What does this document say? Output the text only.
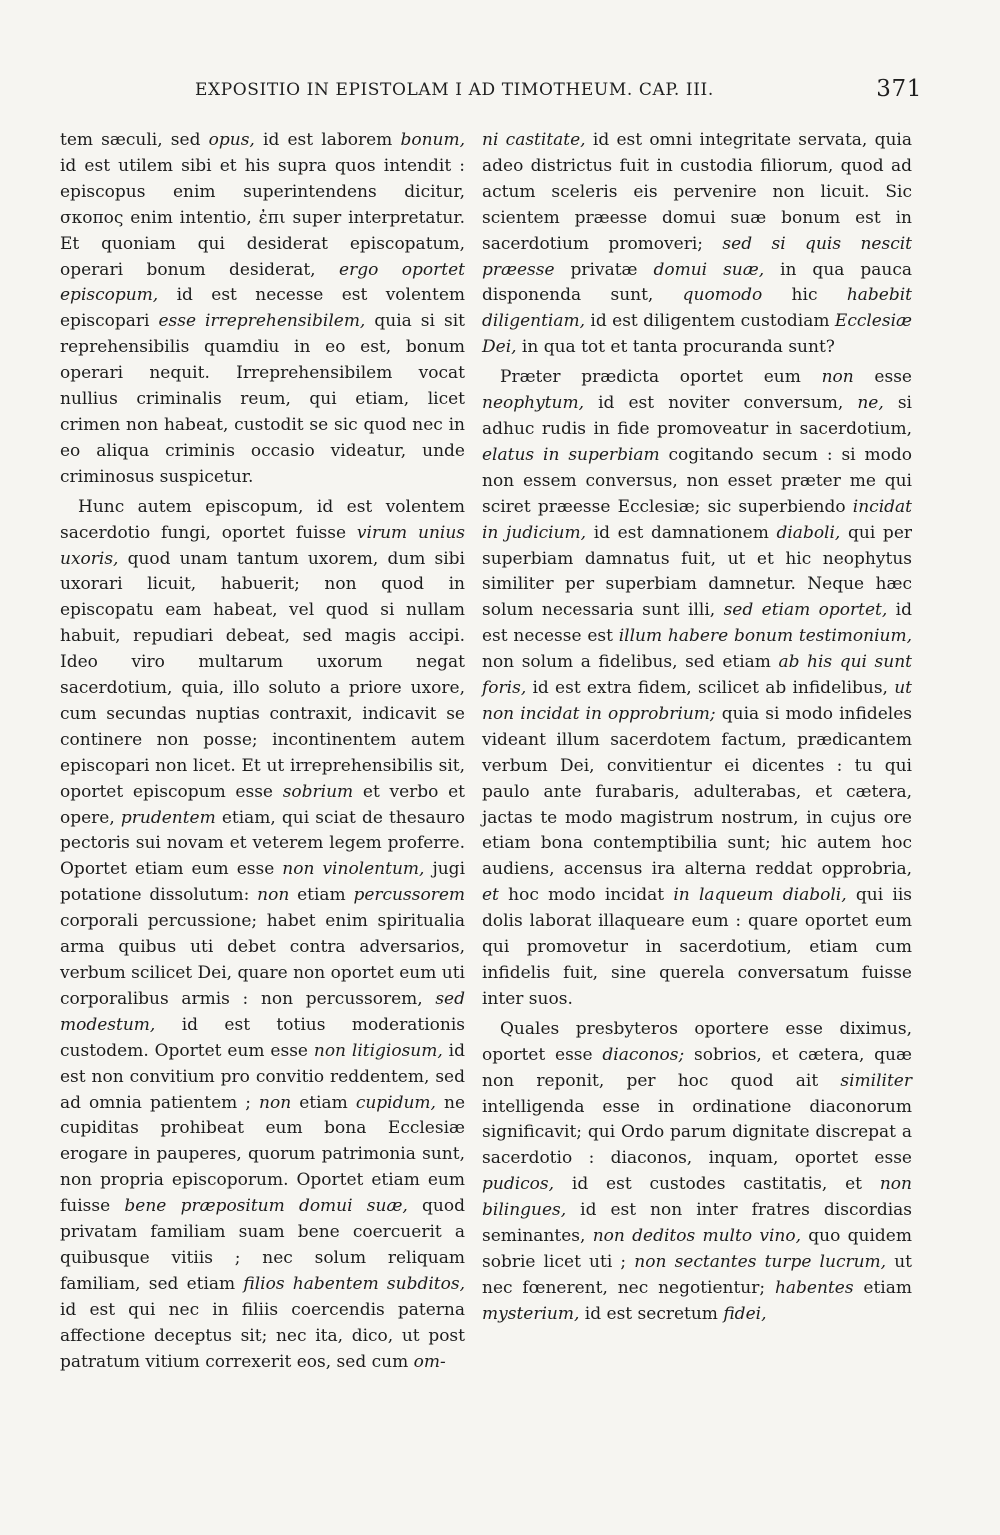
EXPOSITIO IN EPISTOLAM I AD TIMOTHEUM. CAP. III.	371

tem sæculi, sed opus, id est laborem bonum, id est utilem sibi et his supra quos intendit : episcopus enim superintendens dicitur, σκοπος enim intentio, ἐπι super interpretatur. Et quoniam qui desiderat episcopatum, operari bonum desiderat, ergo oportet episcopum, id est necesse est volentem episcopari esse irreprehensibilem, quia si sit reprehensibilis quamdiu in eo est, bonum operari nequit. Irreprehensibilem vocat nullius criminalis reum, qui etiam, licet crimen non habeat, custodit se sic quod nec in eo aliqua criminis occasio videatur, unde criminosus suspicetur.

Hunc autem episcopum, id est volentem sacerdotio fungi, oportet fuisse virum unius uxoris, quod unam tantum uxorem, dum sibi uxorari licuit, habuerit; non quod in episcopatu eam habeat, vel quod si nullam habuit, repudiari debeat, sed magis accipi. Ideo viro multarum uxorum negat sacerdotium, quia, illo soluto a priore uxore, cum secundas nuptias contraxit, indicavit se continere non posse; incontinentem autem episcopari non licet. Et ut irreprehensibilis sit, oportet episcopum esse sobrium et verbo et opere, prudentem etiam, qui sciat de thesauro pectoris sui novam et veterem legem proferre. Oportet etiam eum esse non vinolentum, jugi potatione dissolutum: non etiam percussorem corporali percussione; habet enim spiritualia arma quibus uti debet contra adversarios, verbum scilicet Dei, quare non oportet eum uti corporalibus armis : non percussorem, sed modestum, id est totius moderationis custodem. Oportet eum esse non litigiosum, id est non convitium pro convitio reddentem, sed ad omnia patientem ; non etiam cupidum, ne cupiditas prohibeat eum bona Ecclesiæ erogare in pauperes, quorum patrimonia sunt, non propria episcoporum. Oportet etiam eum fuisse bene præpositum domui suæ, quod privatam familiam suam bene coercuerit a quibusque vitiis ; nec solum reliquam familiam, sed etiam filios habentem subditos, id est qui nec in filiis coercendis paterna affectione deceptus sit; nec ita, dico, ut post patratum vitium correxerit eos, sed cum om-

ni castitate, id est omni integritate servata, quia adeo districtus fuit in custodia filiorum, quod ad actum sceleris eis pervenire non licuit. Sic scientem præesse domui suæ bonum est in sacerdotium promoveri; sed si quis nescit præesse privatæ domui suæ, in qua pauca disponenda sunt, quomodo hic habebit diligentiam, id est diligentem custodiam Ecclesiæ Dei, in qua tot et tanta procuranda sunt?

Præter prædicta oportet eum non esse neophytum, id est noviter conversum, ne, si adhuc rudis in fide promoveatur in sacerdotium, elatus in superbiam cogitando secum : si modo non essem conversus, non esset præter me qui sciret præesse Ecclesiæ; sic superbiendo incidat in judicium, id est damnationem diaboli, qui per superbiam damnatus fuit, ut et hic neophytus similiter per superbiam damnetur. Neque hæc solum necessaria sunt illi, sed etiam oportet, id est necesse est illum habere bonum testimonium, non solum a fidelibus, sed etiam ab his qui sunt foris, id est extra fidem, scilicet ab infidelibus, ut non incidat in opprobrium; quia si modo infideles videant illum sacerdotem factum, prædicantem verbum Dei, convitientur ei dicentes : tu qui paulo ante furabaris, adulterabas, et cætera, jactas te modo magistrum nostrum, in cujus ore etiam bona contemptibilia sunt; hic autem hoc audiens, accensus ira alterna reddat opprobria, et hoc modo incidat in laqueum diaboli, qui iis dolis laborat illaqueare eum : quare oportet eum qui promovetur in sacerdotium, etiam cum infidelis fuit, sine querela conversatum fuisse inter suos.

Quales presbyteros oportere esse diximus, oportet esse diaconos; sobrios, et cætera, quæ non reponit, per hoc quod ait similiter intelligenda esse in ordinatione diaconorum significavit; qui Ordo parum dignitate discrepat a sacerdotio : diaconos, inquam, oportet esse pudicos, id est custodes castitatis, et non bilingues, id est non inter fratres discordias seminantes, non deditos multo vino, quo quidem sobrie licet uti ; non sectantes turpe lucrum, ut nec fœnerent, nec negotientur; habentes etiam mysterium, id est secretum fidei,
